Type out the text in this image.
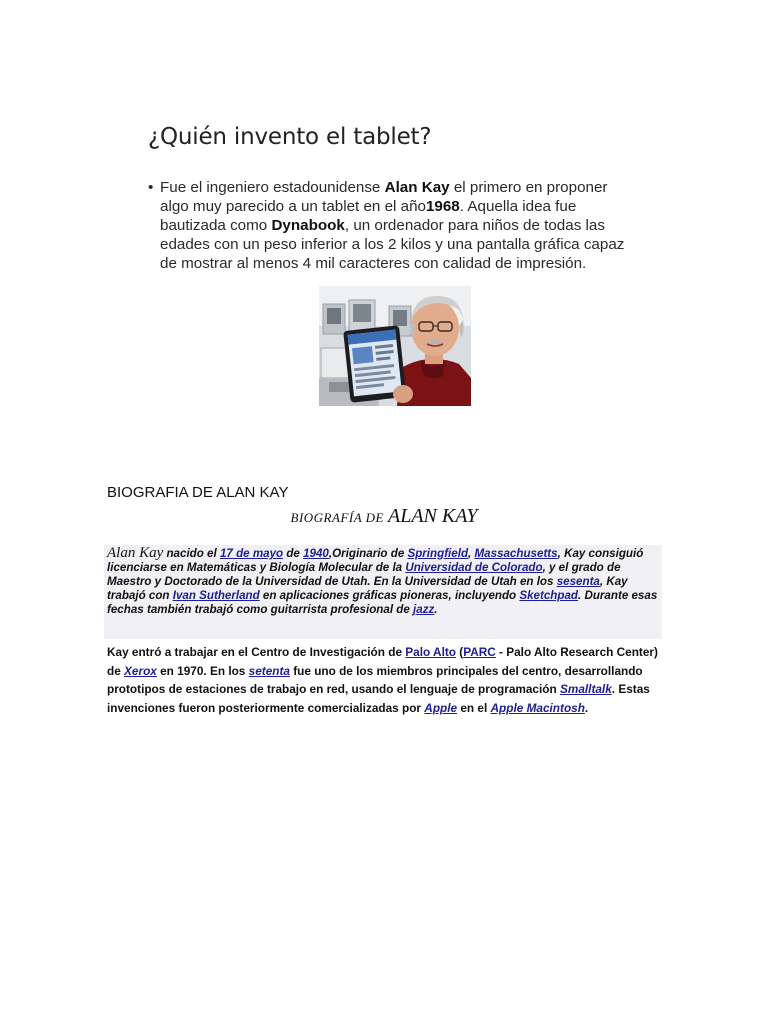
¿Quién invento el tablet?
• Fue el ingeniero estadounidense Alan Kay el primero en proponer algo muy parecido a un tablet en el año1968. Aquella idea fue bautizada como Dynabook, un ordenador para niños de todas las edades con un peso inferior a los 2 kilos y una pantalla gráfica capaz de mostrar al menos 4 mil caracteres con calidad de impresión.
BIOGRAFIA DE ALAN KAY
BIOGRAFÍA DE ALAN KAY
Alan Kay nacido el 17 de mayo de 1940,Originario de Springfield, Massachusetts, Kay consiguió licenciarse en Matemáticas y Biología Molecular de la Universidad de Colorado, y el grado de Maestro y Doctorado de la Universidad de Utah. En la Universidad de Utah en los sesenta, Kay trabajó con Ivan Sutherland en aplicaciones gráficas pioneras, incluyendo Sketchpad. Durante esas fechas también trabajó como guitarrista profesional de jazz.
Kay entró a trabajar en el Centro de Investigación de Palo Alto (PARC - Palo Alto Research Center) de Xerox en 1970. En los setenta fue uno de los miembros principales del centro, desarrollando prototipos de estaciones de trabajo en red, usando el lenguaje de programación Smalltalk. Estas invenciones fueron posteriormente comercializadas por Apple en el Apple Macintosh.
